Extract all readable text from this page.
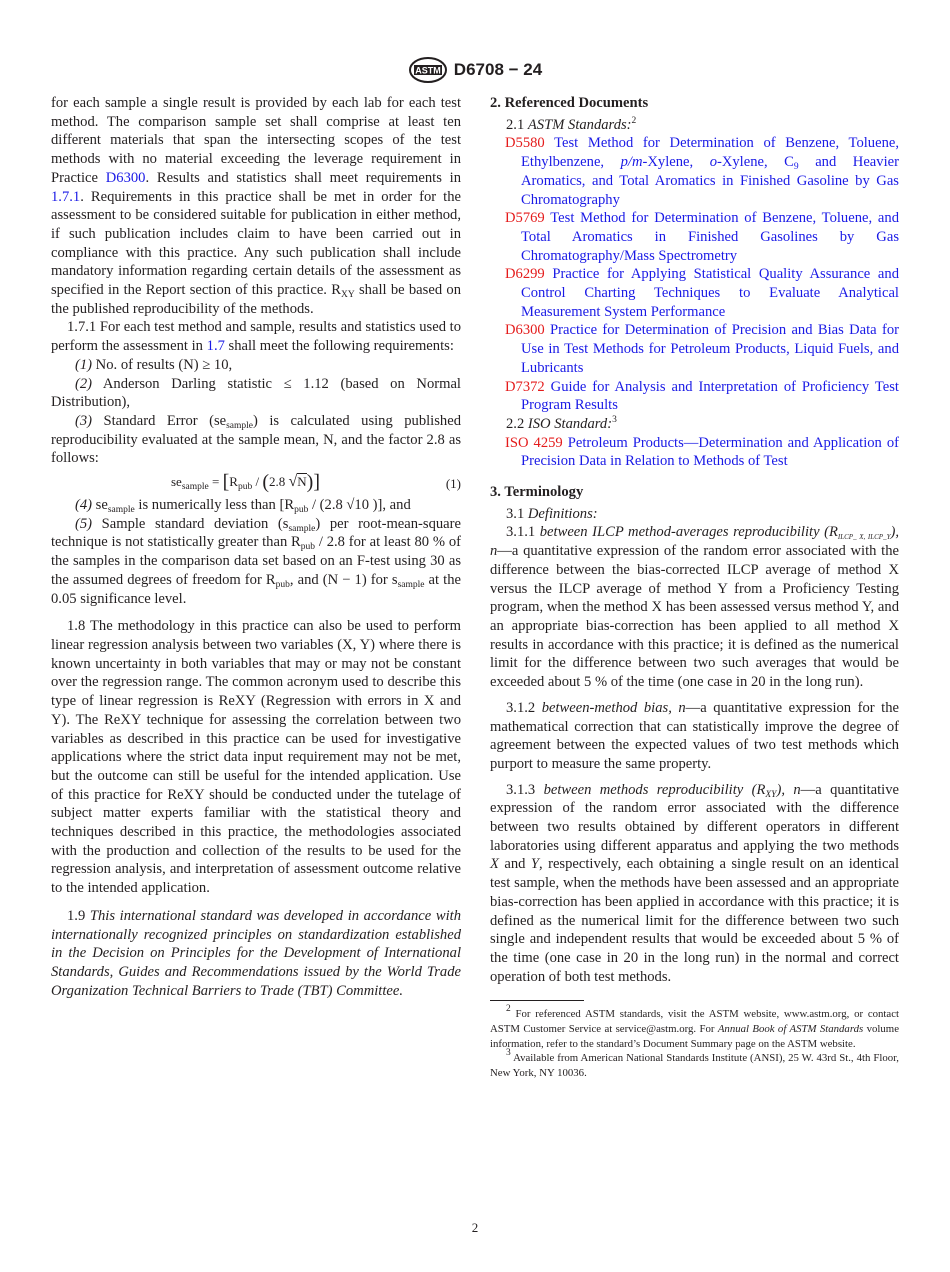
ASTM D6708 − 24

for each sample a single result is provided by each lab for each test method. The comparison sample set shall comprise at least ten different materials that span the intersecting scopes of the test methods with no material exceeding the leverage requirement in Practice D6300. Results and statistics shall meet requirements in 1.7.1. Requirements in this practice shall be met in order for the assessment to be considered suitable for publication in either method, if such publication includes claim to have been carried out in compliance with this practice. Any such publication shall include mandatory information regarding certain details of the assessment as specified in the Report section of this practice. $R_{XY}$ shall be based on the published reproducibility of the methods.

1.7.1 For each test method and sample, results and statistics used to perform the assessment in 1.7 shall meet the following requirements:

(1) No. of results (N) ≥ 10,

(2) Anderson Darling statistic ≤ 1.12 (based on Normal Distribution),

(3) Standard Error $(se_{sample})$ is calculated using published reproducibility evaluated at the sample mean, N, and the factor 2.8 as follows:

$se_{sample} = [R_{pub} / (2.8$ √N)]	(1)

(4) $se_{sample}$ is numerically less than [$R_{pub} / (2.8$ √10 )], and

(5) Sample standard deviation $(s_{sample})$ per root-mean-square technique is not statistically greater than $R_{pub} / 2.8$ for at least 80 % of the samples in the comparison data set based on an F-test using 30 as the assumed degrees of freedom for $R_{pub}$, and (N − 1) for $s_{sample}$ at the 0.05 significance level.

1.8 The methodology in this practice can also be used to perform linear regression analysis between two variables (X, Y) where there is known uncertainty in both variables that may or may not be constant over the regression range. The common acronym used to describe this type of linear regression is ReXY (Regression with errors in X and Y). The ReXY technique for assessing the correlation between two variables as described in this practice can be used for investigative applications where the strict data input requirement may not be met, but the outcome can still be useful for the intended application. Use of this practice for ReXY should be conducted under the tutelage of subject matter experts familiar with the statistical theory and techniques described in this practice, the methodologies associated with the production and collection of the results to be used for the regression analysis, and interpretation of assessment outcome relative to the intended application.

1.9 This international standard was developed in accordance with internationally recognized principles on standardization established in the Decision on Principles for the Development of International Standards, Guides and Recommendations issued by the World Trade Organization Technical Barriers to Trade (TBT) Committee.

2. Referenced Documents

2.1 ASTM Standards:$^2$

D5580 Test Method for Determination of Benzene, Toluene, Ethylbenzene, p/m-Xylene, o-Xylene, $C_9$ and Heavier Aromatics, and Total Aromatics in Finished Gasoline by Gas Chromatography

D5769 Test Method for Determination of Benzene, Toluene, and Total Aromatics in Finished Gasolines by Gas Chromatography/Mass Spectrometry

D6299 Practice for Applying Statistical Quality Assurance and Control Charting Techniques to Evaluate Analytical Measurement System Performance

D6300 Practice for Determination of Precision and Bias Data for Use in Test Methods for Petroleum Products, Liquid Fuels, and Lubricants

D7372 Guide for Analysis and Interpretation of Proficiency Test Program Results

2.2 ISO Standard:$^3$

ISO 4259 Petroleum Products—Determination and Application of Precision Data in Relation to Methods of Test

3. Terminology

3.1 Definitions:

3.1.1 between ILCP method-averages reproducibility $(R_{ILCP\_ X, ILCP\_Y})$, n—a quantitative expression of the random error associated with the difference between the bias-corrected ILCP average of method X versus the ILCP average of method Y from a Proficiency Testing program, when the method X has been assessed versus method Y, and an appropriate bias-correction has been applied to all method X results in accordance with this practice; it is defined as the numerical limit for the difference between two such averages that would be exceeded about 5 % of the time (one case in 20 in the long run).

3.1.2 between-method bias, n—a quantitative expression for the mathematical correction that can statistically improve the degree of agreement between the expected values of two test methods which purport to measure the same property.

3.1.3 between methods reproducibility $(R_{XY})$, n—a quantitative expression of the random error associated with the difference between two results obtained by different operators in different laboratories using different apparatus and applying the two methods X and Y, respectively, each obtaining a single result on an identical test sample, when the methods have been assessed and an appropriate bias-correction has been applied in accordance with this practice; it is defined as the numerical limit for the difference between two such single and independent results that would be exceeded about 5 % of the time (one case in 20 in the long run) in the normal and correct operation of both test methods.

$^2$ For referenced ASTM standards, visit the ASTM website, www.astm.org, or contact ASTM Customer Service at service@astm.org. For Annual Book of ASTM Standards volume information, refer to the standard’s Document Summary page on the ASTM website.

$^3$ Available from American National Standards Institute (ANSI), 25 W. 43rd St., 4th Floor, New York, NY 10036.

2
